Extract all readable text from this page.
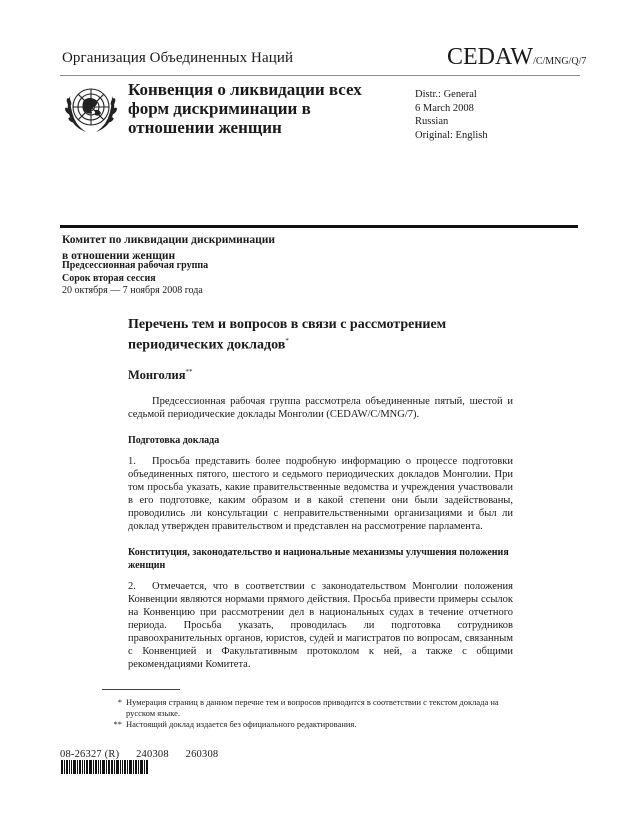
Организация Объединенных Наций	CEDAW/C/MNG/Q/7
Конвенция о ликвидации всех
форм дискриминации в
отношении женщин
Distr.: General
6 March 2008
Russian
Original: English
Комитет по ликвидации дискриминации
в отношении женщин
Предсессионная рабочая группа
Сорок вторая сессия
20 октября — 7 ноября 2008 года
Перечень тем и вопросов в связи с рассмотрением
периодических докладов*
Монголия**

Предсессионная рабочая группа рассмотрела объединенные пятый, шестой и седьмой периодические доклады Монголии (CEDAW/C/MNG/7).

Подготовка доклада

1. Просьба представить более подробную информацию о процессе подготовки объединенных пятого, шестого и седьмого периодических докладов Монголии. При том просьба указать, какие правительственные ведомства и учреждения участвовали в его подготовке, каким образом и в какой степени они были задействованы, проводились ли консультации с неправительственными организациями и был ли доклад утвержден правительством и представлен на рассмотрение парламента.

Конституция, законодательство и национальные механизмы улучшения положения женщин

2. Отмечается, что в соответствии с законодательством Монголии положения Конвенции являются нормами прямого действия. Просьба привести примеры ссылок на Конвенцию при рассмотрении дел в национальных судах в течение отчетного периода. Просьба указать, проводилась ли подготовка сотрудников правоохранительных органов, юристов, судей и магистратов по вопросам, связанным с Конвенцией и Факультативным протоколом к ней, а также с общими рекомендациями Комитета.

* Нумерация страниц в данном перечне тем и вопросов приводится в соответствии с текстом доклада на русском языке.
** Настоящий доклад издается без официального редактирования.
08-26327 (R) 240308 260308
